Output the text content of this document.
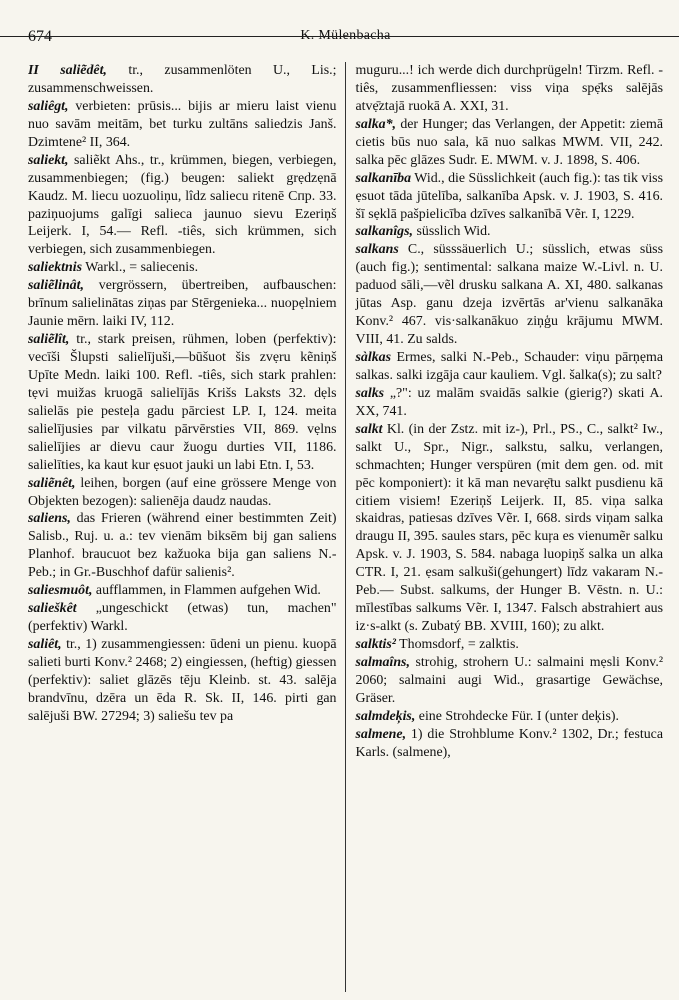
674	K. Mülenbacha

II saliẽdêt, tr., zusammenlöten U., Lis.; zusammenschweissen.

saliêgt, verbieten: prūsis... bijis ar mieru laist vienu nuo savām meitām, bet turku zultāns saliedzis Janš. Dzimtene² II, 364.

saliekt, saliẽkt Ahs., tr., krümmen, biegen, verbiegen, zusammenbiegen; (fig.) beugen: saliekt grẹdzẹnā Kaudz. M. liecu uozuoliņu, lîdz saliecu ritenē Спр. 33. paziņuojums galīgi salieca jaunuo sievu Ezeriņš Leijerk. I, 54.— Refl. -tiês, sich krümmen, sich verbiegen, sich zusammenbiegen.

saliektnis Warkl., = saliecenis.

saliẽlinât, vergrössern, übertreiben, aufbauschen: brīnum salielinātas ziņas par Stērgenieka... nuopẹlniem Jaunie mērn. laiki IV, 112.

saliẽlît, tr., stark preisen, rühmen, loben (perfektiv): vecīši Šlupsti salielījuši,—būšuot šis zvẹru kẽniņš Upīte Medn. laiki 100. Refl. -tiês, sich stark prahlen: tẹvi muižas kruogā salielījās Krišs Laksts 32. dẹls salielās pie pesteļa gadu pārciest LP. I, 124. meita salielījusies par vilkatu pārvērsties VII, 869. vẹlns salielījies ar dievu caur žuogu durties VII, 1186. salielīties, ka kaut kur ẹsuot jauki un labi Etn. I, 53.

saliẽnêt, leihen, borgen (auf eine grössere Menge von Objekten bezogen): salienēja daudz naudas.

saliens, das Frieren (während einer bestimmten Zeit) Salisb., Ruj. u. a.: tev vienām biksēm bij gan saliens Planhof. braucuot bez kažuoka bija gan saliens N.-Peb.; in Gr.-Buschhof dafür salienis².

saliesmuôt, aufflammen, in Flammen aufgehen Wid.

salieškêt „ungeschickt (etwas) tun, machen" (perfektiv) Warkl.

saliêt, tr., 1) zusammengiessen: ūdeni un pienu. kuopā salieti burti Konv.² 2468; 2) eingiessen, (heftig) giessen (perfektiv): saliet glāzēs tēju Kleinb. st. 43. salēja brandvīnu, dzēra un ēda R. Sk. II, 146. pirti gan salējuši BW. 27294; 3) saliešu tev pa

muguru...! ich werde dich durchprügeln! Tirzm. Refl. -tiês, zusammenfliessen: viss viņa spẹ̄ks salējās atvẹ̄ztajā ruokā A. XXI, 31.

salka*, der Hunger; das Verlangen, der Appetit: ziemā cietis būs nuo sala, kā nuo salkas MWM. VII, 242. salka pēc glāzes Sudr. E. MWM. v. J. 1898, S. 406.

salkanība Wid., die Süsslichkeit (auch fig.): tas tik viss ẹsuot tāda jūtelība, salkanība Apsk. v. J. 1903, S. 416. šī sẹklā pašpielicība dzīves salkanībā Vẽr. I, 1229.

salkanîgs, süsslich Wid.

salkans C., süsssäuerlich U.; süsslich, etwas süss (auch fig.); sentimental: salkana maize W.-Livl. n. U. paduod sāli,—vẽl drusku salkana A. XI, 480. salkanas jūtas Asp. ganu dzeja izvērtās ar'vienu salkanāka Konv.² 467. vis·salkanākuo ziņģu krājumu MWM. VIII, 41. Zu salds.

sàlkas Ermes, salki N.-Peb., Schauder: viņu pārņẹma salkas. salki izgāja caur kauliem. Vgl. šalka(s); zu salt?

salks „?": uz malām svaidās salkie (gierig?) skati A. XX, 741.

salkt Kl. (in der Zstz. mit iz-), Prl., PS., C., salkt² Iw., salkt U., Spr., Nigr., salkstu, salku, verlangen, schmachten; Hunger verspüren (mit dem gen. od. mit pēc komponiert): it kā man nevarẹ̄tu salkt pusdienu kā citiem visiem! Ezeriņš Leijerk. II, 85. viņa salka skaidras, patiesas dzīves Vẽr. I, 668. sirds viņam salka draugu II, 395. saules stars, pēc kuŗa es vienumẽr salku Apsk. v. J. 1903, S. 584. nabaga luopiņš salka un alka CTR. I, 21. ẹsam salkuši(gehungert) līdz vakaram N.-Peb.— Subst. salkums, der Hunger B. Vēstn. n. U.: mīlestības salkums Vẽr. I, 1347. Falsch abstrahiert aus iz·s-alkt (s. Zubatý BB. XVIII, 160); zu alkt.

salktis² Thomsdorf, = zalktis.

salmaîns, strohig, strohern U.: salmaini mẹsli Konv.² 2060; salmaini augi Wid., grasartige Gewächse, Gräser.

salmdeķis, eine Strohdecke Für. I (unter deķis).

salmene, 1) die Strohblume Konv.² 1302, Dr.; festuca Karls. (salmene),
